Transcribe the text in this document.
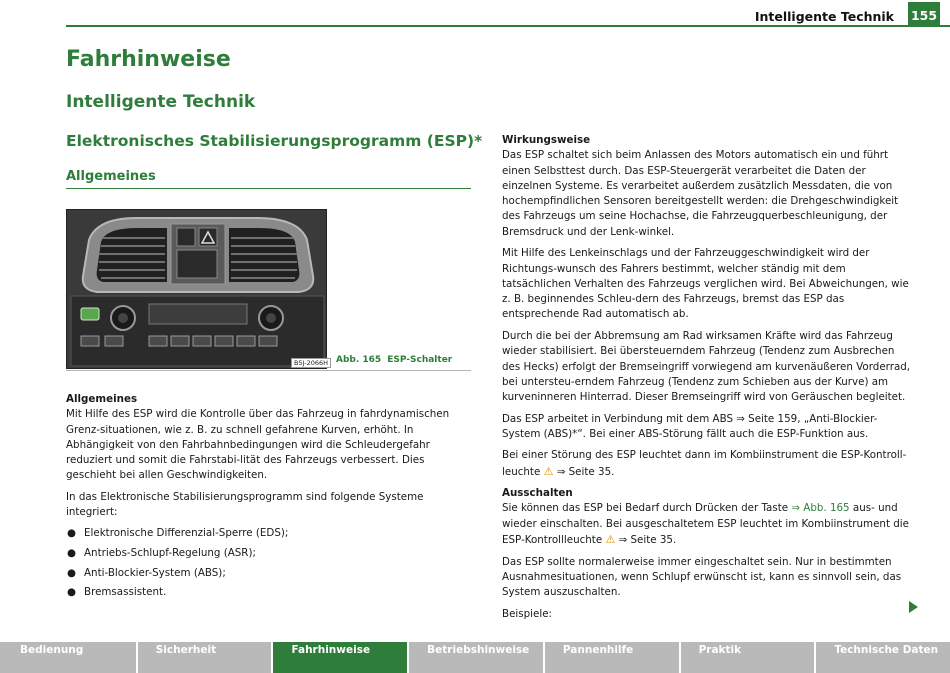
Intelligente Technik 155
Fahrhinweise
Intelligente Technik
Elektronisches Stabilisierungsprogramm (ESP)*
Allgemeines
B5J-2066H Abb. 165 ESP-Schalter
Allgemeines

Mit Hilfe des ESP wird die Kontrolle über das Fahrzeug in fahrdynamischen Grenz-situationen, wie z. B. zu schnell gefahrene Kurven, erhöht. In Abhängigkeit von den Fahrbahnbedingungen wird die Schleudergefahr reduziert und somit die Fahrstabi-lität des Fahrzeugs verbessert. Dies geschieht bei allen Geschwindigkeiten.

In das Elektronische Stabilisierungsprogramm sind folgende Systeme integriert:

● Elektronische Differenzial-Sperre (EDS);
● Antriebs-Schlupf-Regelung (ASR);
● Anti-Blockier-System (ABS);
● Bremsassistent.
Wirkungsweise

Das ESP schaltet sich beim Anlassen des Motors automatisch ein und führt einen Selbsttest durch. Das ESP-Steuergerät verarbeitet die Daten der einzelnen Systeme. Es verarbeitet außerdem zusätzlich Messdaten, die von hochempfindlichen Sensoren bereitgestellt werden: die Drehgeschwindigkeit des Fahrzeugs um seine Hochachse, die Fahrzeugquerbeschleunigung, der Bremsdruck und der Lenk-winkel.

Mit Hilfe des Lenkeinschlags und der Fahrzeuggeschwindigkeit wird der Richtungs-wunsch des Fahrers bestimmt, welcher ständig mit dem tatsächlichen Verhalten des Fahrzeugs verglichen wird. Bei Abweichungen, wie z. B. beginnendes Schleu-dern des Fahrzeugs, bremst das ESP das entsprechende Rad automatisch ab.

Durch die bei der Abbremsung am Rad wirksamen Kräfte wird das Fahrzeug wieder stabilisiert. Bei übersteuerndem Fahrzeug (Tendenz zum Ausbrechen des Hecks) erfolgt der Bremseingriff vorwiegend am kurvenäußeren Vorderrad, bei untersteu-erndem Fahrzeug (Tendenz zum Schieben aus der Kurve) am kurveninneren Hinterrad. Dieser Bremseingriff wird von Geräuschen begleitet.

Das ESP arbeitet in Verbindung mit dem ABS ⇒ Seite 159, „Anti-Blockier-System (ABS)*“. Bei einer ABS-Störung fällt auch die ESP-Funktion aus.

Bei einer Störung des ESP leuchtet dann im Kombiinstrument die ESP-Kontroll-leuchte ⚠ ⇒ Seite 35.

Ausschalten

Sie können das ESP bei Bedarf durch Drücken der Taste ⇒ Abb. 165 aus- und wieder einschalten. Bei ausgeschaltetem ESP leuchtet im Kombiinstrument die ESP-Kontrollleuchte ⚠ ⇒ Seite 35.

Das ESP sollte normalerweise immer eingeschaltet sein. Nur in bestimmten Ausnahmesituationen, wenn Schlupf erwünscht ist, kann es sinnvoll sein, das System auszuschalten.

Beispiele:

Bedienung	Sicherheit	Fahrhinweise	Betriebshinweise	Pannenhilfe	Praktik	Technische Daten
